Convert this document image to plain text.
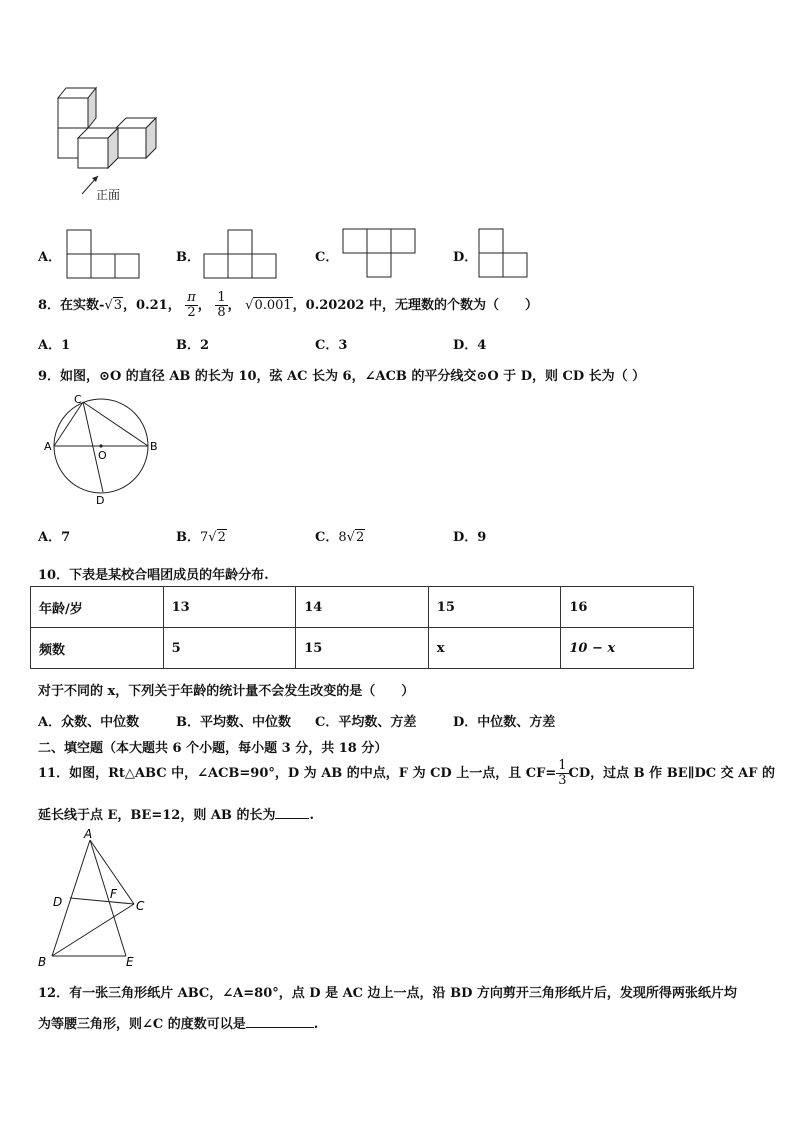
正面
A．	B．	C．	D．
8．在实数-√3，0.21， $\frac{\pi}{2}$ ， $\frac{1}{8}$ ， √0.001，0.20202 中，无理数的个数为（　　）
A．1	B．2	C．3	D．4
9．如图，⊙O 的直径 AB 的长为 10，弦 AC 长为 6，∠ACB 的平分线交⊙O 于 D，则 CD 长为（ ）
C
A	B
O
D
A．7	B．7√2	C．8√2	D．9
10．下表是某校合唱团成员的年龄分布.
年龄/岁	13	14	15	16
频数	5	15	x	10 − x
对于不同的 x，下列关于年龄的统计量不会发生改变的是（　　）
A．众数、中位数	B．平均数、中位数 C．平均数、方差	D．中位数、方差
二、填空题（本大题共 6 个小题，每小题 3 分，共 18 分）
11．如图，Rt△ABC 中，∠ACB=90°，D 为 AB 的中点，F 为 CD 上一点，且 $CF= \frac{1}{3}$ CD，过点 B 作 BE∥DC 交 AF 的
延长线于点 E，BE=12，则 AB 的长为	.
A
D
F
C
B	E
12．有一张三角形纸片 ABC，∠A=80°，点 D 是 AC 边上一点，沿 BD 方向剪开三角形纸片后，发现所得两张纸片均
为等腰三角形，则∠C 的度数可以是	.
